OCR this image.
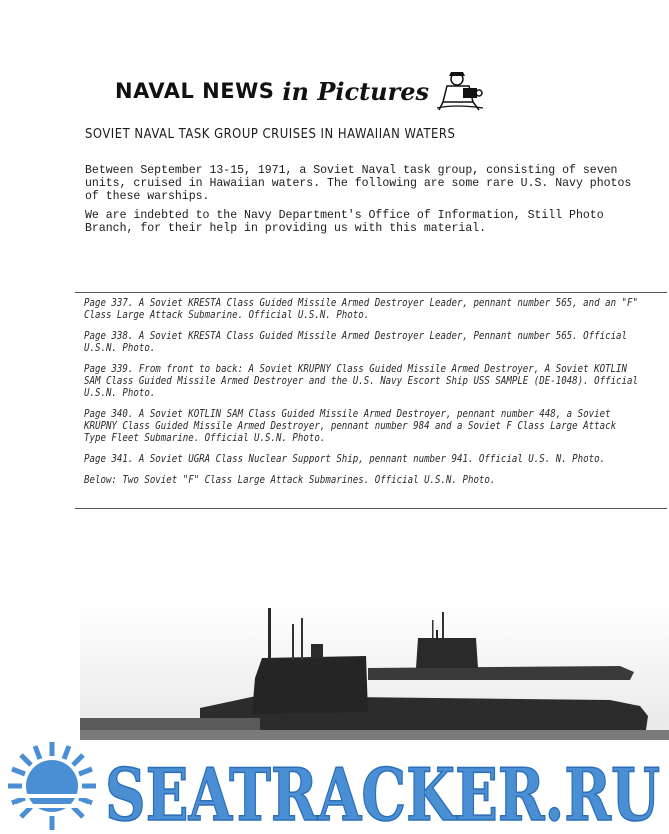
NAVAL NEWS in Pictures
SOVIET NAVAL TASK GROUP CRUISES IN HAWAIIAN WATERS

Between September 13-15, 1971, a Soviet Naval task group, consisting of seven units, cruised in Hawaiian waters. The following are some rare U.S. Navy photos of these warships.

We are indebted to the Navy Department's Office of Information, Still Photo Branch, for their help in providing us with this material.

Page 337. A Soviet KRESTA Class Guided Missile Armed Destroyer Leader, pennant number 565, and an "F" Class Large Attack Submarine. Official U.S.N. Photo.

Page 338. A Soviet KRESTA Class Guided Missile Armed Destroyer Leader, Pennant number 565. Official U.S.N. Photo.

Page 339. From front to back: A Soviet KRUPNY Class Guided Missile Armed Destroyer, A Soviet KOTLIN SAM Class Guided Missile Armed Destroyer and the U.S. Navy Escort Ship USS SAMPLE (DE-1048). Official U.S.N. Photo.

Page 340. A Soviet KOTLIN SAM Class Guided Missile Armed Destroyer, pennant number 448, a Soviet KRUPNY Class Guided Missile Armed Destroyer, pennant number 984 and a Soviet F Class Large Attack Type Fleet Submarine. Official U.S.N. Photo.

Page 341. A Soviet UGRA Class Nuclear Support Ship, pennant number 941. Official U.S. N. Photo.

Below: Two Soviet "F" Class Large Attack Submarines. Official U.S.N. Photo.

SEATRACKER.RU
